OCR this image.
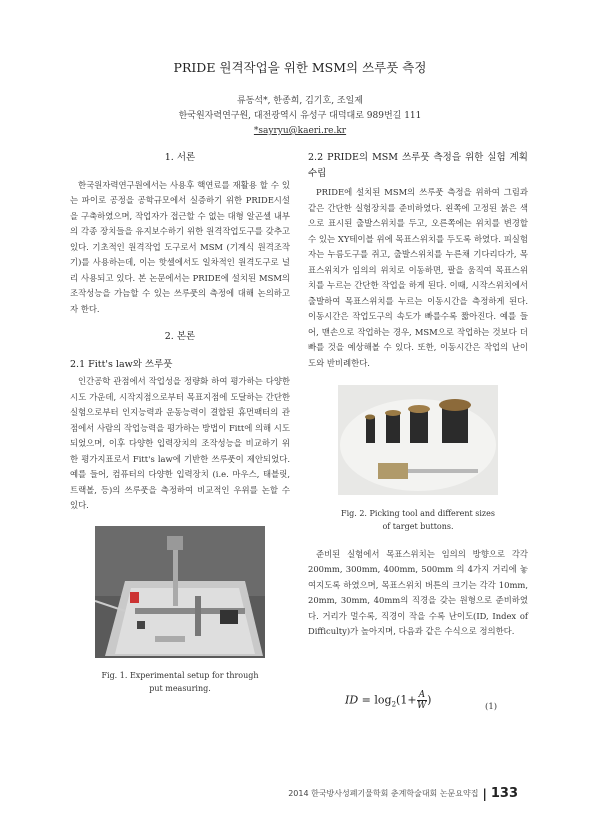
PRIDE 원격작업을 위한 MSM의 쓰루풋 측정
류동석*, 한종희, 김기호, 조일제
한국원자력연구원, 대전광역시 유성구 대덕대로 989번길 111
*sayryu@kaeri.re.kr
1. 서론
한국원자력연구원에서는 사용후 핵연료를 재활용 할 수 있는 파이로 공정을 공학규모에서 실증하기 위한 PRIDE시설을 구축하였으며, 작업자가 접근할 수 없는 대형 알곤셀 내부의 각종 장치들을 유지보수하기 위한 원격작업도구를 갖추고 있다. 기초적인 원격작업 도구로서 MSM (기계식 원격조작기)를 사용하는데, 이는 핫셀에서도 일차적인 원격도구로 널리 사용되고 있다. 본 논문에서는 PRIDE에 설치된 MSM의 조작성능을 가늠할 수 있는 쓰루풋의 측정에 대해 논의하고자 한다.
2. 본론
2.1 Fitt's law와 쓰루풋
인간공학 관점에서 작업성을 정량화 하여 평가하는 다양한 시도 가운데, 시작지점으로부터 목표지점에 도달하는 간단한 실험으로부터 인지능력과 운동능력이 결합된 휴먼팩터의 관점에서 사람의 작업능력을 평가하는 방법이 Fitt에 의해 시도되었으며, 이후 다양한 입력장치의 조작성능을 비교하기 위한 평가지표로서 Fitt's law에 기반한 쓰루풋이 제안되었다. 예를 들어, 컴퓨터의 다양한 입력장치 (i.e. 마우스, 태블릿, 트랙볼, 등)의 쓰루풋을 측정하여 비교적인 우위를 논할 수 있다.
Fig. 1. Experimental setup for through put measuring.
2.2 PRIDE의 MSM 쓰루풋 측정을 위한 실험 계획 수립
PRIDE에 설치된 MSM의 쓰루풋 측정을 위하여 그림과 같은 간단한 실험장치를 준비하였다. 왼쪽에 고정된 붉은 색으로 표시된 출발스위치를 두고, 오른쪽에는 위치를 변경할 수 있는 XY테이블 위에 목표스위치를 두도록 하였다. 피실험자는 누름도구를 쥐고, 출발스위치를 누른채 기다리다가, 목표스위치가 임의의 위치로 이동하면, 팔을 움직여 목표스위치를 누르는 간단한 작업을 하게 된다. 이때, 시작스위치에서 출발하여 목표스위치를 누르는 이동시간을 측정하게 된다. 이동시간은 작업도구의 속도가 빠를수록 짧아진다. 예를 들어, 맨손으로 작업하는 경우, MSM으로 작업하는 것보다 더 빠를 것을 예상해볼 수 있다. 또한, 이동시간은 작업의 난이도와 반비례한다.
Fig. 2. Picking tool and different sizes of target buttons.
준비된 실험에서 목표스위치는 임의의 방향으로 각각 200mm, 300mm, 400mm, 500mm 의 4가지 거리에 놓여지도록 하였으며, 목표스위치 버튼의 크기는 각각 10mm, 20mm, 30mm, 40mm의 직경을 갖는 원형으로 준비하였다. 거리가 멀수록, 직경이 작을 수록 난이도(ID, Index of Difficulty)가 높아지며, 다음과 같은 수식으로 정의한다.
ID = $\log_2(1+ \frac{A}{W}$ )
(1)
2014 한국방사성폐기물학회 춘계학술대회 논문요약집 | 133
